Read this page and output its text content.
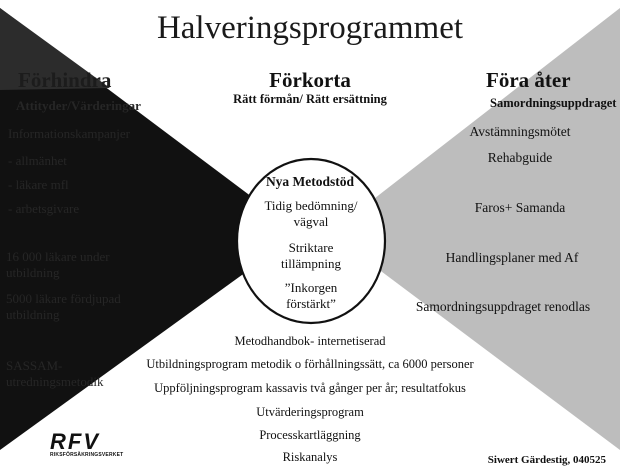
Halveringsprogrammet
Förhindra
Attityder/Värderingar
Informationskampanjer
- allmänhet
- läkare mfl
- arbetsgivare
16 000 läkare under
utbildning
5000 läkare fördjupad
utbildning
SASSAM-
utredningsmetodik
Förkorta
Rätt förmån/ Rätt ersättning
Nya Metodstöd
Tidig bedömning/ vägval
Striktare tillämpning
”Inkorgen förstärkt”
Föra åter
Samordningsuppdraget
Avstämningsmötet
Rehabguide
Faros+ Samanda
Handlingsplaner med Af
Samordningsuppdraget renodlas
Metodhandbok- internetiserad
Utbildningsprogram metodik o förhållningssätt, ca 6000 personer
Uppföljningsprogram kassavis två gånger per år; resultatfokus
Utvärderingsprogram
Processkartläggning
Riskanalys
RFV
RIKSFÖRSÄKRINGSVERKET	Siwert Gärdestig, 040525
